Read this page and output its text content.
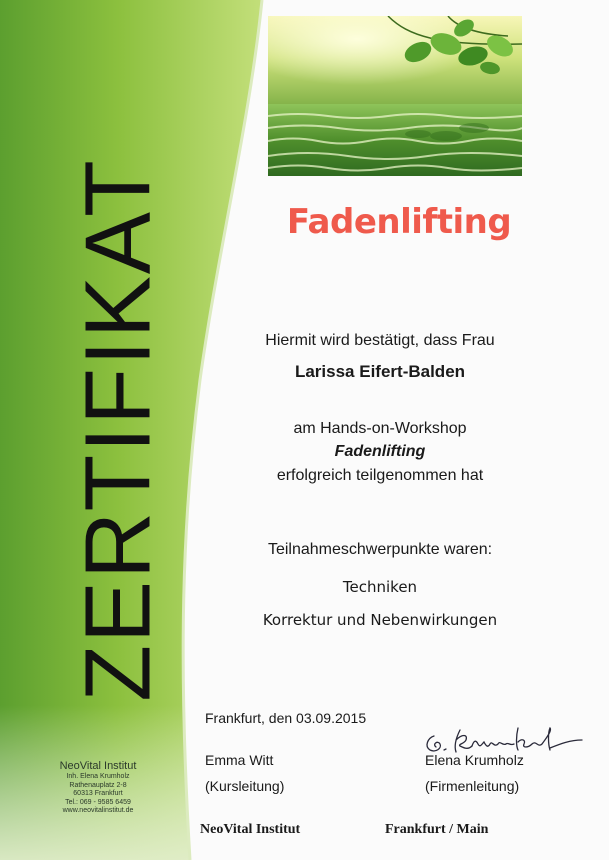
ZERTIFIKAT
NeoVital Institut
Inh. Elena Krumholz
Rathenauplatz 2-8
60313 Frankfurt
Tel.: 069 - 9585 6459
www.neovitalinstitut.de
Fadenlifting
Hiermit wird bestätigt, dass Frau
Larissa Eifert-Balden
am Hands-on-Workshop
Fadenlifting
erfolgreich teilgenommen hat
Teilnahmeschwerpunkte waren:
Techniken
Korrektur und Nebenwirkungen
Frankfurt, den 03.09.2015
Emma Witt
(Kursleitung)
Elena Krumholz
(Firmenleitung)
NeoVital Institut	Frankfurt / Main
